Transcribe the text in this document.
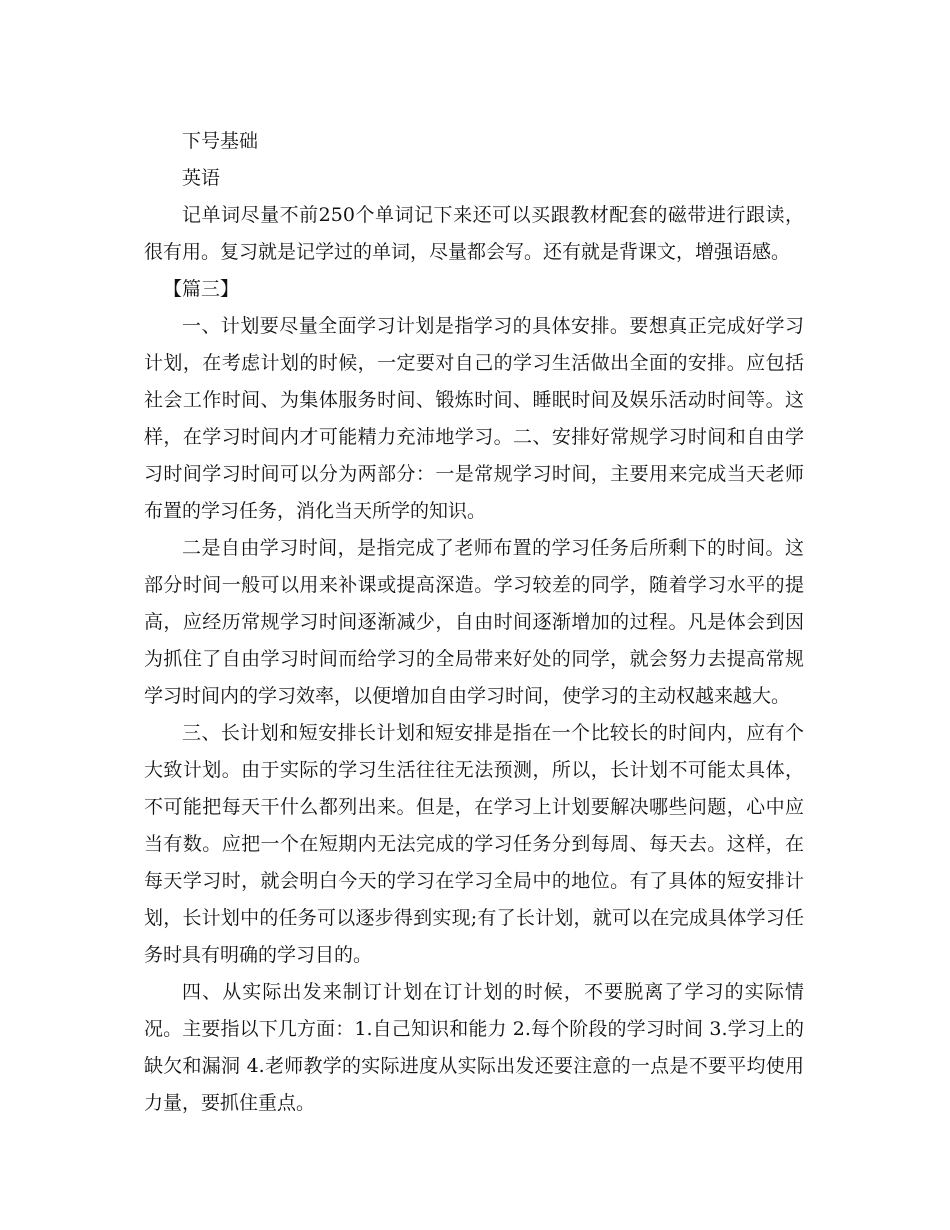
下号基础

英语

记单词尽量不前250个单词记下来还可以买跟教材配套的磁带进行跟读，很有用。复习就是记学过的单词，尽量都会写。还有就是背课文，增强语感。

【篇三】

一、计划要尽量全面学习计划是指学习的具体安排。要想真正完成好学习计划，在考虑计划的时候，一定要对自己的学习生活做出全面的安排。应包括社会工作时间、为集体服务时间、锻炼时间、睡眠时间及娱乐活动时间等。这样，在学习时间内才可能精力充沛地学习。二、安排好常规学习时间和自由学习时间学习时间可以分为两部分：一是常规学习时间，主要用来完成当天老师布置的学习任务，消化当天所学的知识。

二是自由学习时间，是指完成了老师布置的学习任务后所剩下的时间。这部分时间一般可以用来补课或提高深造。学习较差的同学，随着学习水平的提高，应经历常规学习时间逐渐减少，自由时间逐渐增加的过程。凡是体会到因为抓住了自由学习时间而给学习的全局带来好处的同学，就会努力去提高常规学习时间内的学习效率，以便增加自由学习时间，使学习的主动权越来越大。

三、长计划和短安排长计划和短安排是指在一个比较长的时间内，应有个大致计划。由于实际的学习生活往往无法预测，所以，长计划不可能太具体，不可能把每天干什么都列出来。但是，在学习上计划要解决哪些问题，心中应当有数。应把一个在短期内无法完成的学习任务分到每周、每天去。这样，在每天学习时，就会明白今天的学习在学习全局中的地位。有了具体的短安排计划，长计划中的任务可以逐步得到实现;有了长计划，就可以在完成具体学习任务时具有明确的学习目的。

四、从实际出发来制订计划在订计划的时候，不要脱离了学习的实际情况。主要指以下几方面：1.自己知识和能力 2.每个阶段的学习时间 3.学习上的缺欠和漏洞 4.老师教学的实际进度从实际出发还要注意的一点是不要平均使用力量，要抓住重点。
